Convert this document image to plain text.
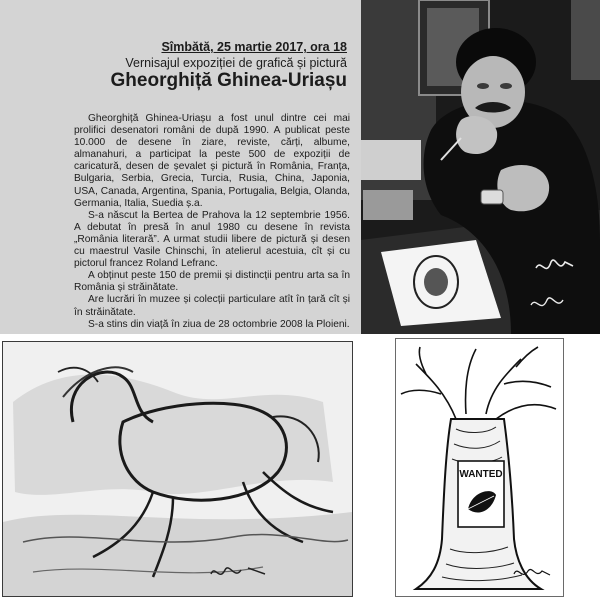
Sîmbătă, 25 martie 2017, ora 18
Vernisajul expoziției de grafică și pictură
Gheorghiță Ghinea-Uriașu

Gheorghiță Ghinea-Uriașu a fost unul dintre cei mai prolifici desenatori români de după 1990. A publicat peste 10.000 de desene în ziare, reviste, cărți, albume, almanahuri, a participat la peste 500 de expoziții de caricatură, desen de șevalet și pictură în România, Franța, Bulgaria, Serbia, Grecia, Turcia, Rusia, China, Japonia, USA, Canada, Argentina, Spania, Portugalia, Belgia, Olanda, Germania, Italia, Suedia ș.a.

S-a născut la Bertea de Prahova la 12 septembrie 1956. A debutat în presă în anul 1980 cu desene în revista „România literară”. A urmat studii libere de pictură și desen cu maestrul Vasile Chinschi, în atelierul acestuia, cît și cu pictorul francez Roland Lefranc.

A obținut peste 150 de premii și distincții pentru arta sa în România și străinătate.

Are lucrări în muzee și colecții particulare atît în țară cît și în străinătate.

S-a stins din viață în ziua de 28 octombrie 2008 la Ploieni.

WANTED
